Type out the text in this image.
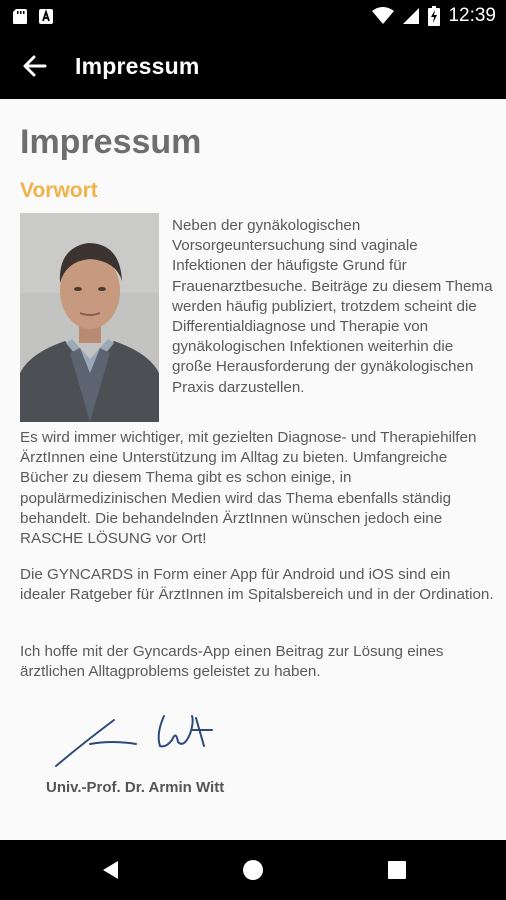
12:39
Impressum
Impressum
Vorwort
Neben der gynäkologischen Vorsorgeuntersuchung sind vaginale Infektionen der häufigste Grund für Frauenarztbesuche. Beiträge zu diesem Thema werden häufig publiziert, trotzdem scheint die Differentialdiagnose und Therapie von gynäkologischen Infektionen weiterhin die große Herausforderung der gynäkologischen Praxis darzustellen.
Es wird immer wichtiger, mit gezielten Diagnose- und Therapiehilfen ÄrztInnen eine Unterstützung im Alltag zu bieten. Umfangreiche Bücher zu diesem Thema gibt es schon einige, in populärmedizinischen Medien wird das Thema ebenfalls ständig behandelt. Die behandelnden ÄrztInnen wünschen jedoch eine RASCHE LÖSUNG vor Ort!
Die GYNCARDS in Form einer App für Android und iOS sind ein idealer Ratgeber für ÄrztInnen im Spitalsbereich und in der Ordination.
Ich hoffe mit der Gyncards-App einen Beitrag zur Lösung eines ärztlichen Alltagproblems geleistet zu haben.
Univ.-Prof. Dr. Armin Witt
